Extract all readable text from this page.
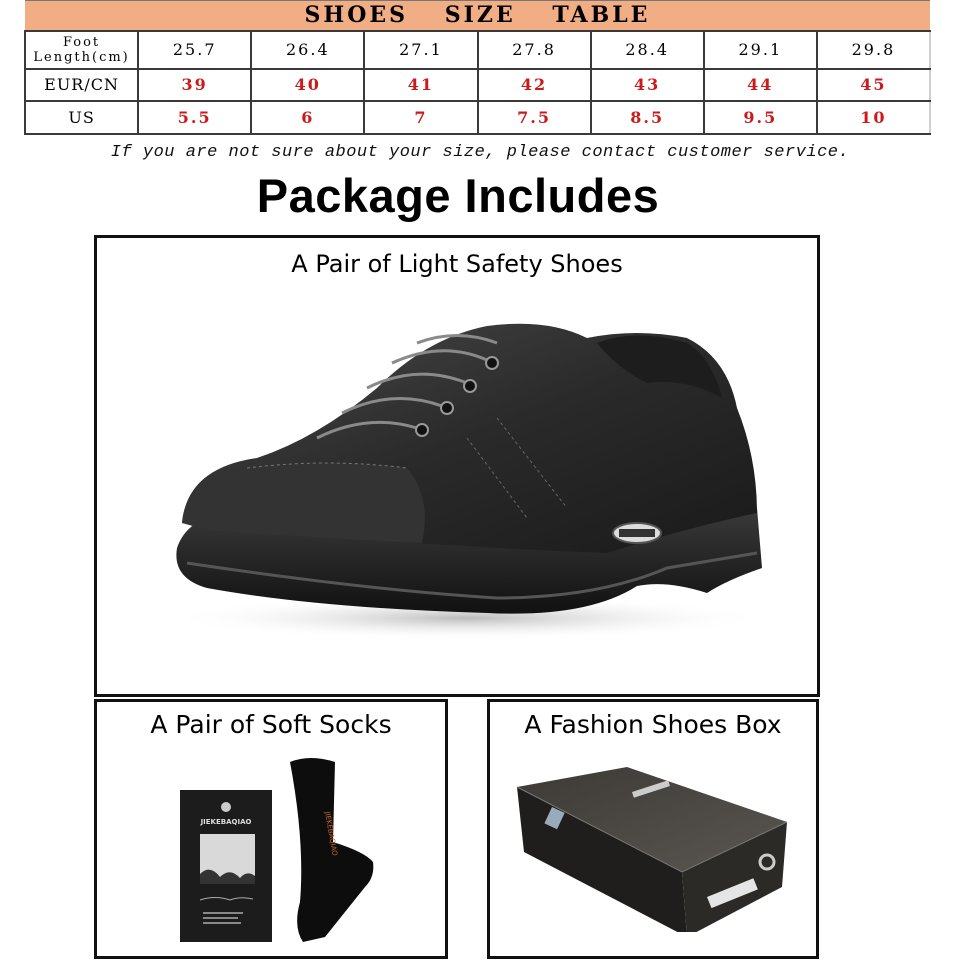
SHOES SIZE TABLE							

Foot
Length(cm)	25.7	26.4	27.1	27.8	28.4	29.1	29.8
EUR/CN	39	40	41	42	43	44	45
US	5.5	6	7	7.5	8.5	9.5	10
If you are not sure about your size, please contact customer service.
Package Includes
A Pair of Light Safety Shoes
A Pair of Soft Socks
JIEKEBAQIAO	JIEKEBAQIAO
A Fashion Shoes Box
